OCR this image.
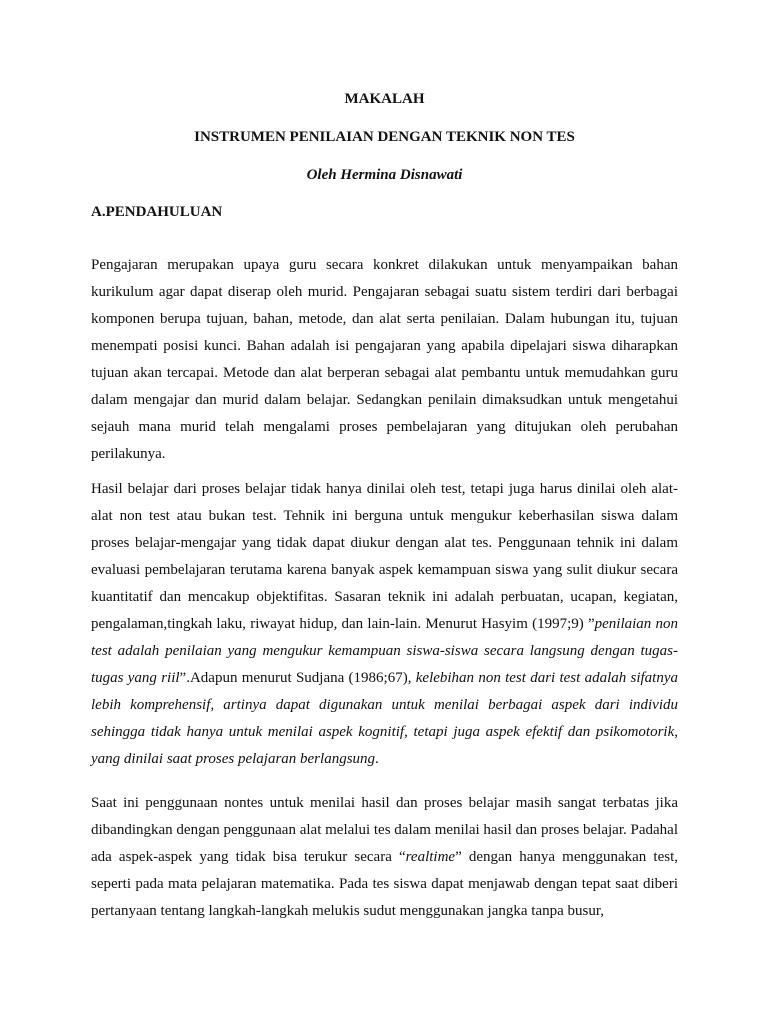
MAKALAH

INSTRUMEN PENILAIAN DENGAN TEKNIK NON TES

Oleh Hermina Disnawati

A.PENDAHULUAN

Pengajaran merupakan upaya guru secara konkret dilakukan untuk menyampaikan bahan kurikulum agar dapat diserap oleh murid. Pengajaran sebagai suatu sistem terdiri dari berbagai komponen berupa tujuan, bahan, metode, dan alat serta penilaian. Dalam hubungan itu, tujuan menempati posisi kunci. Bahan adalah isi pengajaran yang apabila dipelajari siswa diharapkan tujuan akan tercapai. Metode dan alat berperan sebagai alat pembantu untuk memudahkan guru dalam mengajar dan murid dalam belajar. Sedangkan penilain dimaksudkan untuk mengetahui sejauh mana murid telah mengalami proses pembelajaran yang ditujukan oleh perubahan perilakunya.

Hasil belajar dari proses belajar tidak hanya dinilai oleh test, tetapi juga harus dinilai oleh alat-alat non test atau bukan test. Tehnik ini berguna untuk mengukur keberhasilan siswa dalam proses belajar-mengajar yang tidak dapat diukur dengan alat tes. Penggunaan tehnik ini dalam evaluasi pembelajaran terutama karena banyak aspek kemampuan siswa yang sulit diukur secara kuantitatif dan mencakup objektifitas. Sasaran teknik ini adalah perbuatan, ucapan, kegiatan, pengalaman,tingkah laku, riwayat hidup, dan lain-lain. Menurut Hasyim (1997;9) ”penilaian non test adalah penilaian yang mengukur kemampuan siswa-siswa secara langsung dengan tugas-tugas yang riil”.Adapun menurut Sudjana (1986;67), kelebihan non test dari test adalah sifatnya lebih komprehensif, artinya dapat digunakan untuk menilai berbagai aspek dari individu sehingga tidak hanya untuk menilai aspek kognitif, tetapi juga aspek efektif dan psikomotorik, yang dinilai saat proses pelajaran berlangsung.

Saat ini penggunaan nontes untuk menilai hasil dan proses belajar masih sangat terbatas jika dibandingkan dengan penggunaan alat melalui tes dalam menilai hasil dan proses belajar. Padahal ada aspek-aspek yang tidak bisa terukur secara “realtime” dengan hanya menggunakan test, seperti pada mata pelajaran matematika. Pada tes siswa dapat menjawab dengan tepat saat diberi pertanyaan tentang langkah-langkah melukis sudut menggunakan jangka tanpa busur,
